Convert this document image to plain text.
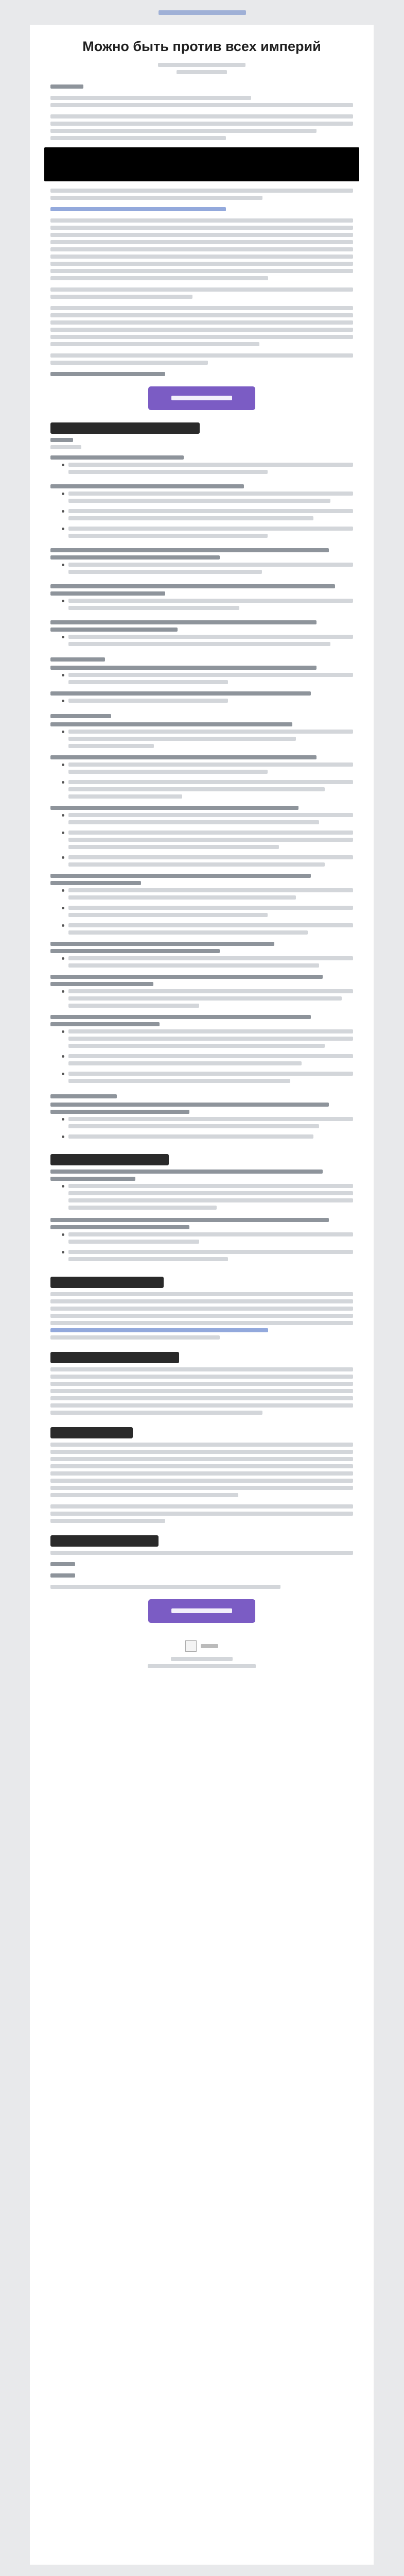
Можно быть против всех империй
